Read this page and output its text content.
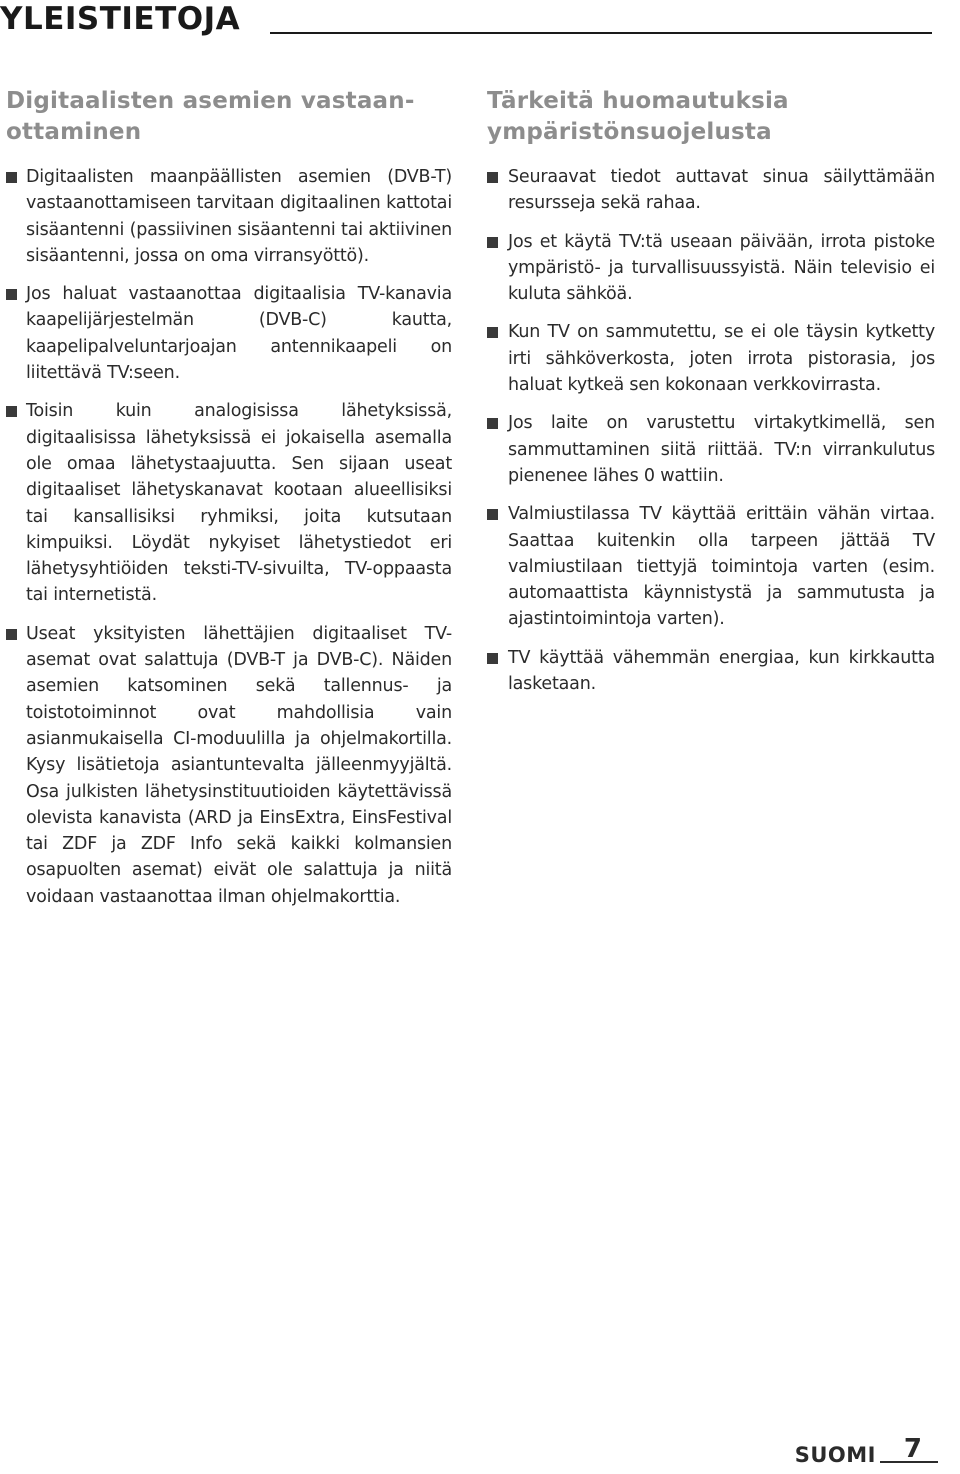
YLEISTIETOJA
Digitaalisten asemien vastaan-ottaminen
Digitaalisten maanpäällisten asemien (DVB-T) vastaanottamiseen tarvitaan digitaalinen kattotai sisäantenni (passiivinen sisäantenni tai aktiivinen sisäantenni, jossa on oma virransyöttö).
Jos haluat vastaanottaa digitaalisia TV-kanavia kaapelijärjestelmän (DVB-C) kautta, kaapelipalveluntarjoajan antennikaapeli on liitettävä TV:seen.
Toisin kuin analogisissa lähetyksissä, digitaalisissa lähetyksissä ei jokaisella asemalla ole omaa lähetystaajuutta. Sen sijaan useat digitaaliset lähetyskanavat kootaan alueellisiksi tai kansallisiksi ryhmiksi, joita kutsutaan kimpuiksi. Löydät nykyiset lähetystiedot eri lähetysyhtiöiden teksti-TV-sivuilta, TV-oppaasta tai internetistä.
Useat yksityisten lähettäjien digitaaliset TV-asemat ovat salattuja (DVB-T ja DVB-C). Näiden asemien katsominen sekä tallennus- ja toistotoiminnot ovat mahdollisia vain asianmukaisella CI-moduulilla ja ohjelmakortilla. Kysy lisätietoja asiantuntevalta jälleenmyyjältä. Osa julkisten lähetysinstituutioiden käytettävissä olevista kanavista (ARD ja EinsExtra, EinsFestival tai ZDF ja ZDF Info sekä kaikki kolmansien osapuolten asemat) eivät ole salattuja ja niitä voidaan vastaanottaa ilman ohjelmakorttia.
Tärkeitä huomautuksia ympäristönsuojelusta
Seuraavat tiedot auttavat sinua säilyttämään resursseja sekä rahaa.
Jos et käytä TV:tä useaan päivään, irrota pistoke ympäristö- ja turvallisuussyistä. Näin televisio ei kuluta sähköä.
Kun TV on sammutettu, se ei ole täysin kytketty irti sähköverkosta, joten irrota pistorasia, jos haluat kytkeä sen kokonaan verkkovirrasta.
Jos laite on varustettu virtakytkimellä, sen sammuttaminen siitä riittää. TV:n virrankulutus pienenee lähes 0 wattiin.
Valmiustilassa TV käyttää erittäin vähän virtaa. Saattaa kuitenkin olla tarpeen jättää TV valmiustilaan tiettyjä toimintoja varten (esim. automaattista käynnistystä ja sammutusta ja ajastintoimintoja varten).
TV käyttää vähemmän energiaa, kun kirkkautta lasketaan.
SUOMI 7
